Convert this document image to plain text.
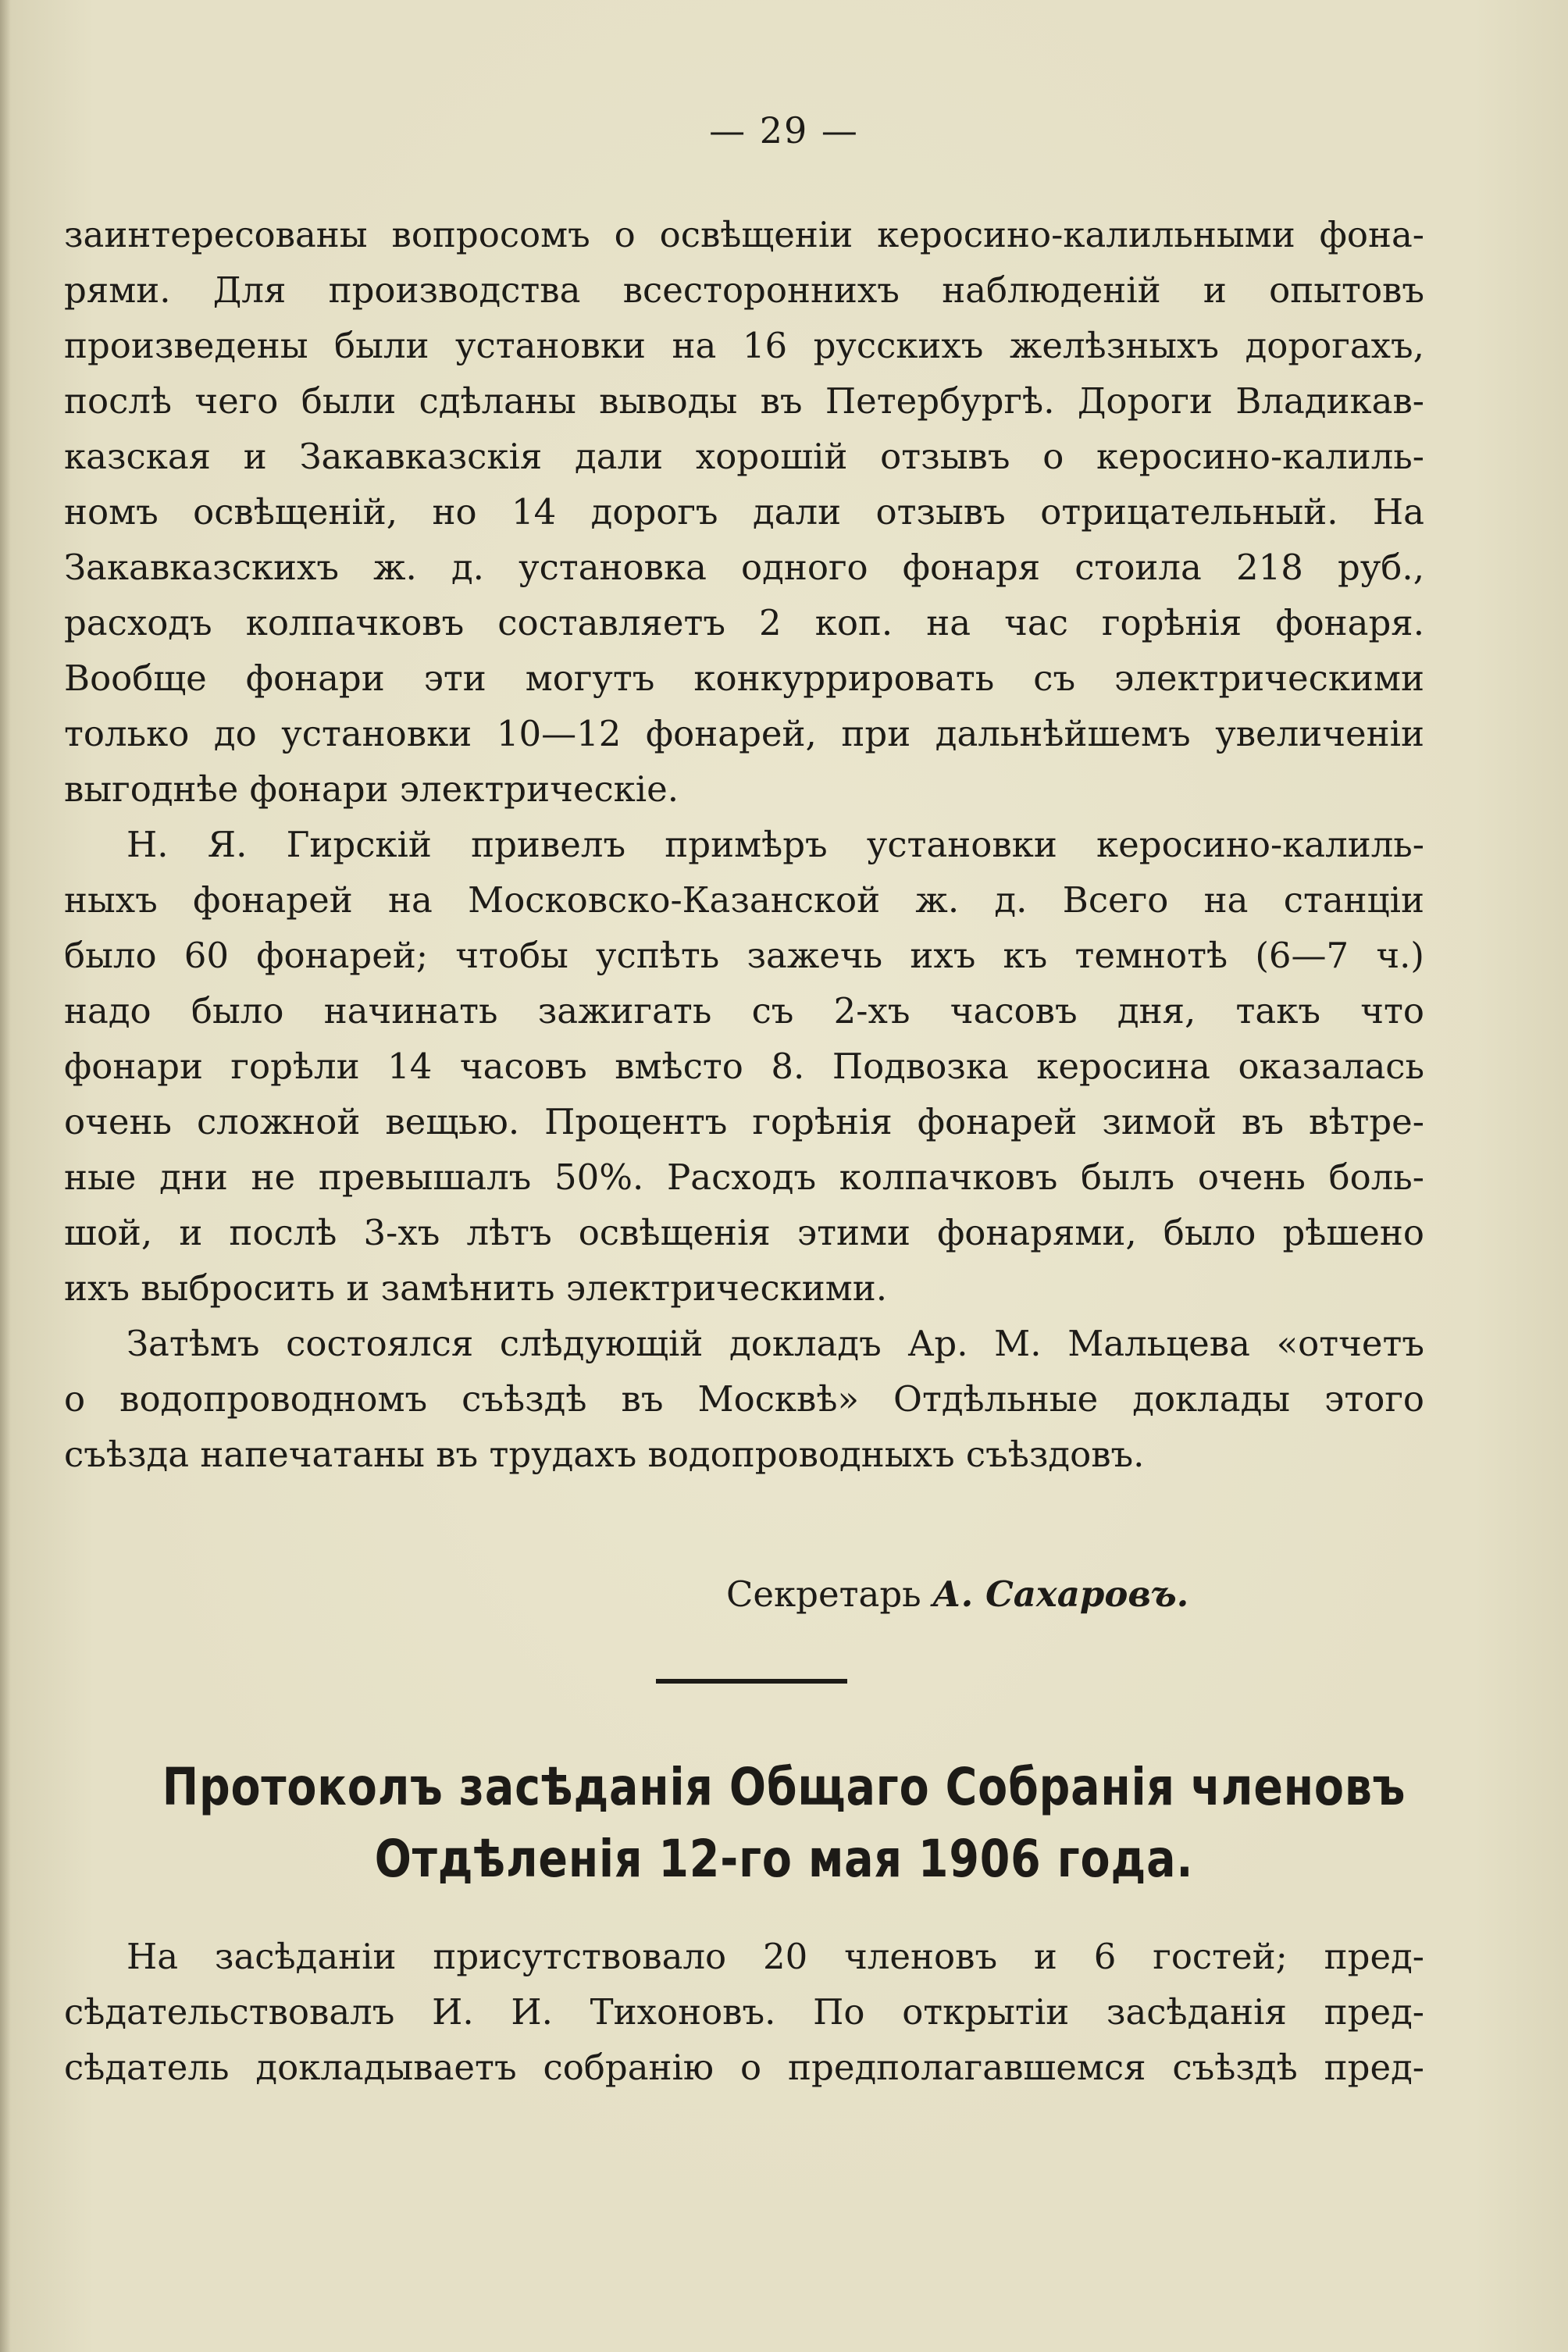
— 29 —
заинтересованы вопросомъ о освѣщенiи керосино-калильными фона-
рями. Для производства всестороннихъ наблюденiй и опытовъ
произведены были установки на 16 русскихъ желѣзныхъ дорогахъ,
послѣ чего были сдѣланы выводы въ Петербургѣ. Дороги Владикав-
казская и Закавказскiя дали хорошiй отзывъ о керосино-калиль-
номъ освѣщенiй, но 14 дорогъ дали отзывъ отрицательный. На
Закавказскихъ ж. д. установка одного фонаря стоила 218 руб.,
расходъ колпачковъ составляетъ 2 коп. на час горѣнiя фонаря.
Вообще фонари эти могутъ конкуррировать съ электрическими
только до установки 10—12 фонарей, при дальнѣйшемъ увеличенiи
выгоднѣе фонари электрическiе.
Н. Я. Гирскiй привелъ примѣръ установки керосино-калиль-
ныхъ фонарей на Московско-Казанской ж. д. Всего на станцiи
было 60 фонарей; чтобы успѣть зажечь ихъ къ темнотѣ (6—7 ч.)
надо было начинать зажигать съ 2-хъ часовъ дня, такъ что
фонари горѣли 14 часовъ вмѣсто 8. Подвозка керосина оказалась
очень сложной вещью. Процентъ горѣнiя фонарей зимой въ вѣтре-
ные дни не превышалъ 50%. Расходъ колпачковъ былъ очень боль-
шой, и послѣ 3-хъ лѣтъ освѣщенiя этими фонарями, было рѣшено
ихъ выбросить и замѣнить электрическими.
Затѣмъ состоялся слѣдующiй докладъ Ар. М. Мальцева «отчетъ
о водопроводномъ съѣздѣ въ Москвѣ» Отдѣльные доклады этого
съѣзда напечатаны въ трудахъ водопроводныхъ съѣздовъ.
Секретарь А. Сахаровъ.
Протоколъ засѣданiя Общаго Собранiя членовъ
Отдѣленiя 12-го мая 1906 года.
На засѣданiи присутствовало 20 членовъ и 6 гостей; пред-
сѣдательствовалъ И. И. Тихоновъ. По открытiи засѣданiя пред-
сѣдатель докладываетъ собранiю о предполагавшемся съѣздѣ пред-
